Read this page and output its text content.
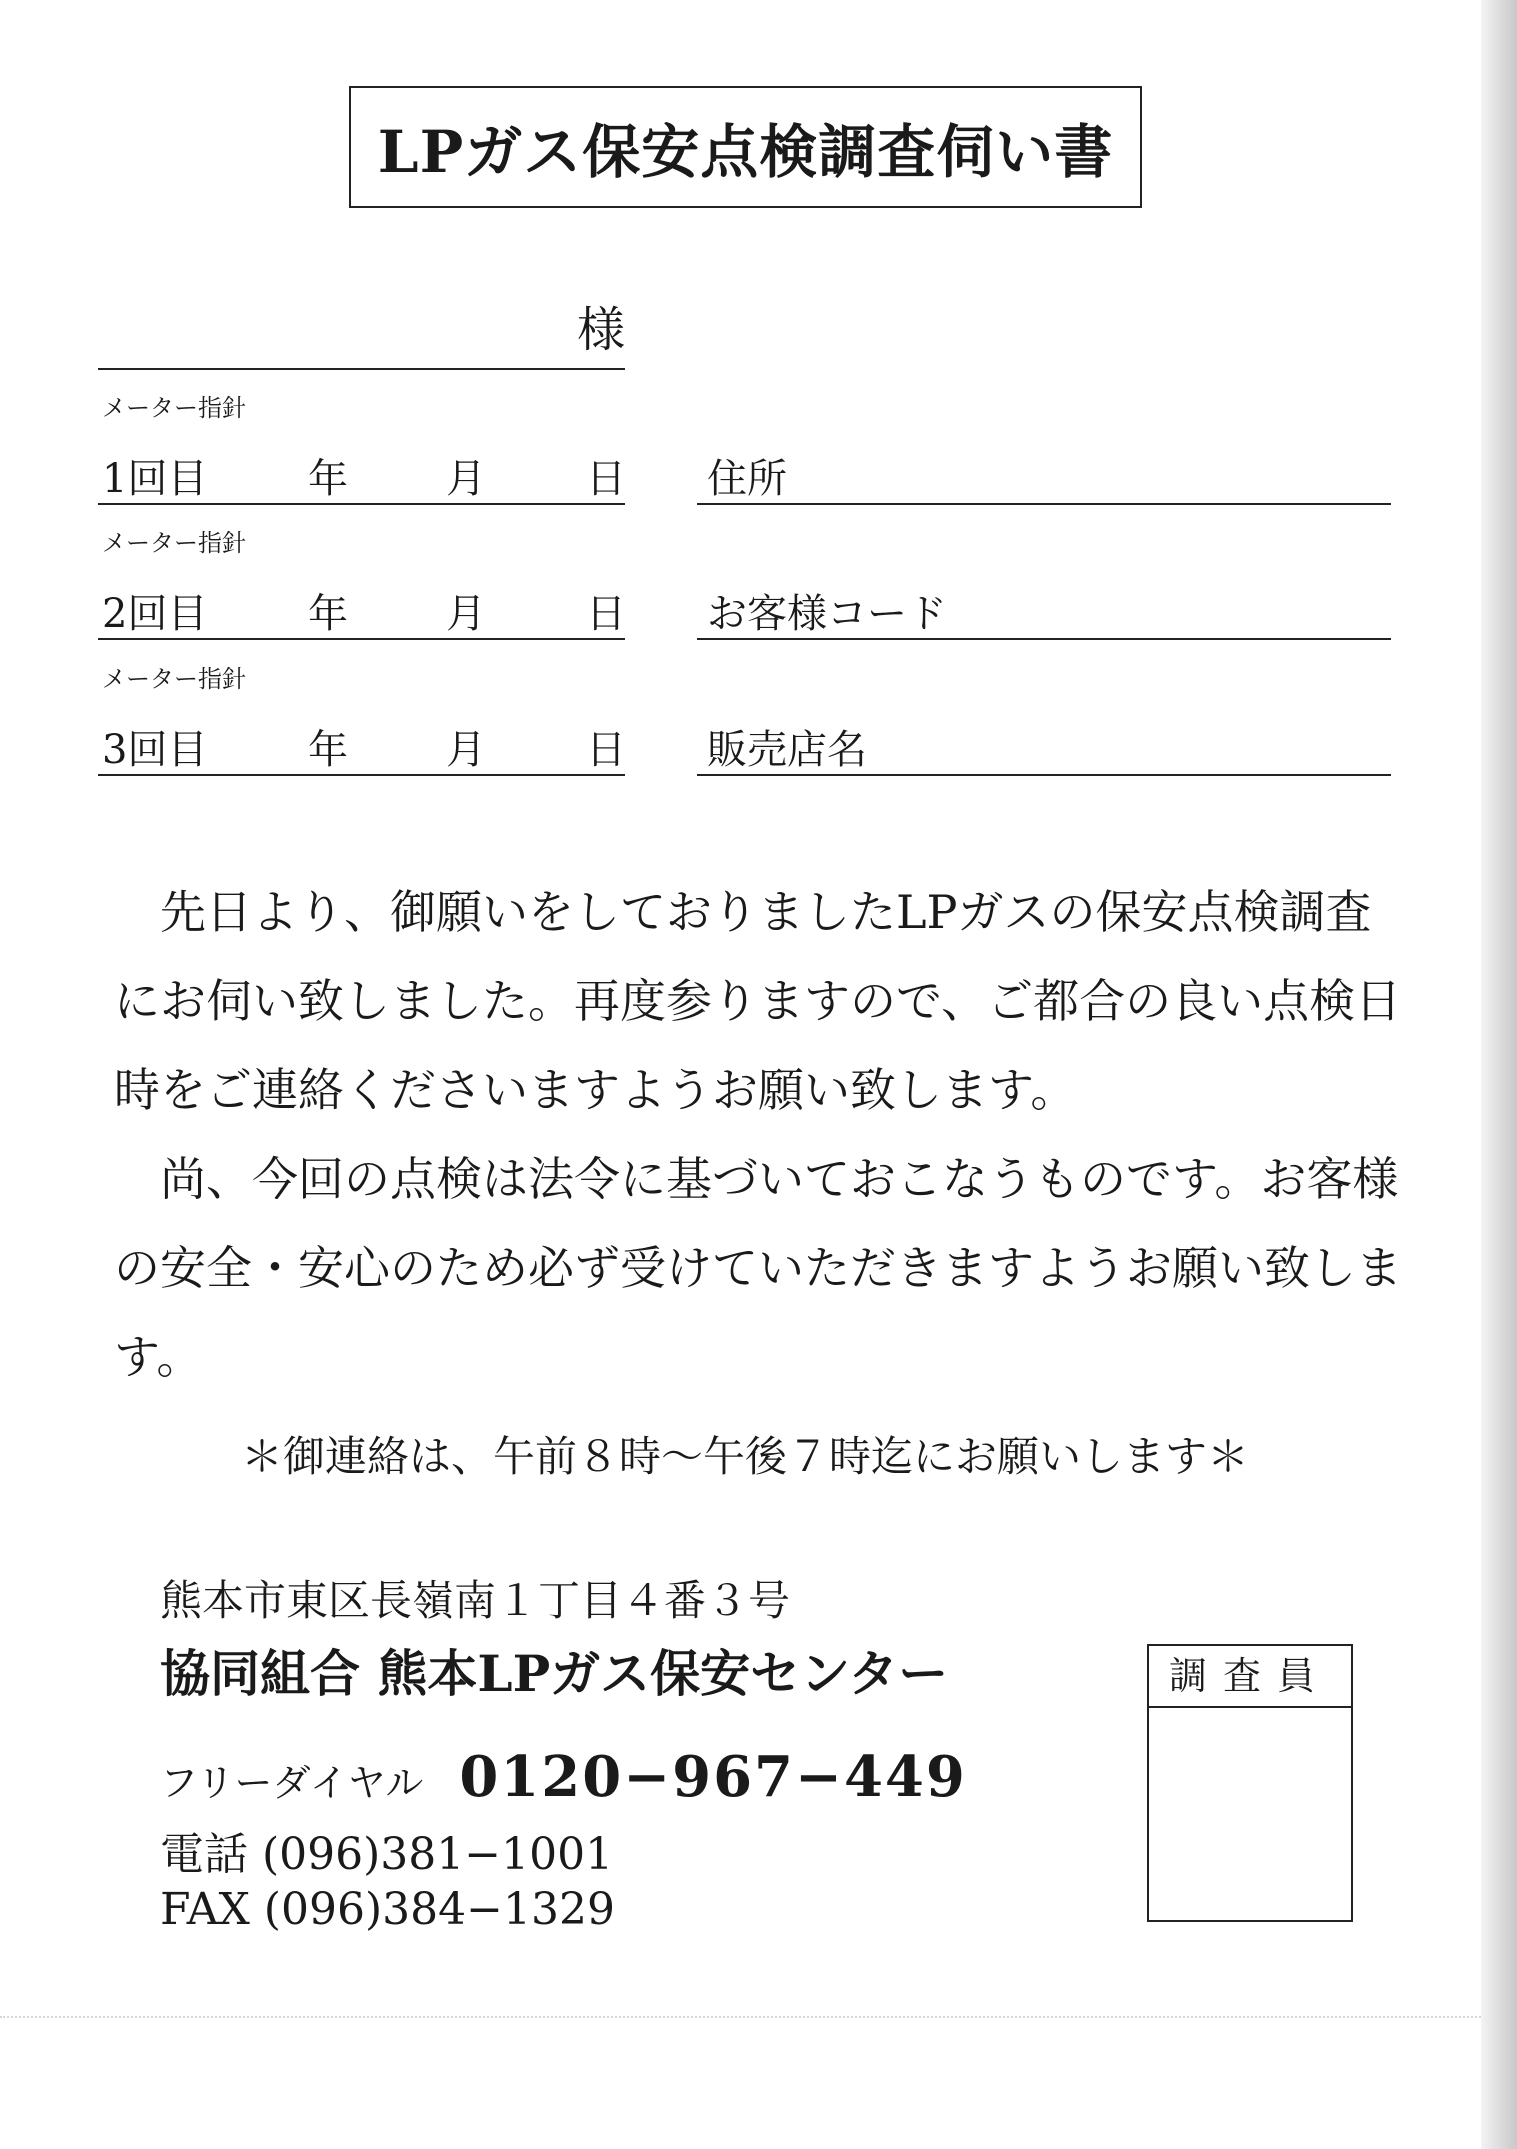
LPガス保安点検調査伺い書
様
メーター指針
1回目	年 月	日 住所
メーター指針
2回目	年 月	日 お客様コード
メーター指針
3回目	年 月	日 販売店名

先日より、御願いをしておりましたLPガスの保安点検調査にお伺い致しました。再度参りますので、ご都合の良い点検日時をご連絡くださいますようお願い致します。

尚、今回の点検は法令に基づいておこなうものです。お客様の安全・安心のため必ず受けていただきますようお願い致します。

＊御連絡は、午前８時～午後７時迄にお願いします＊
熊本市東区長嶺南１丁目４番３号
協同組合 熊本LPガス保安センター
フリーダイヤル 0120−967−449
電話 (096)381−1001
FAX (096)384−1329
調査員
